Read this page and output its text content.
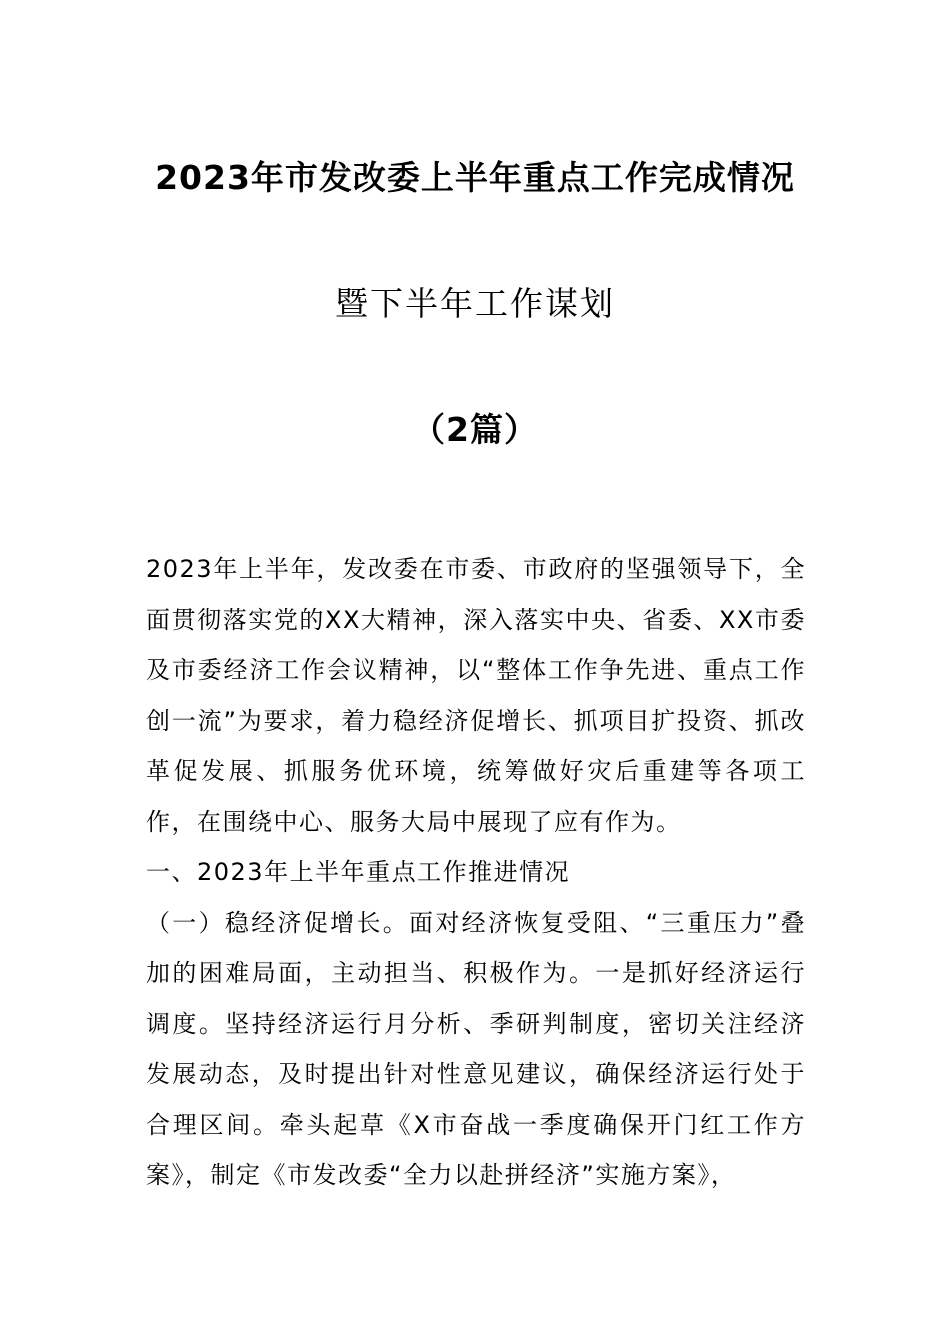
2023年市发改委上半年重点工作完成情况
暨下半年工作谋划
（2篇）

2023年上半年，发改委在市委、市政府的坚强领导下，全面贯彻落实党的XX大精神，深入落实中央、省委、XX市委及市委经济工作会议精神，以“整体工作争先进、重点工作创一流”为要求，着力稳经济促增长、抓项目扩投资、抓改革促发展、抓服务优环境，统筹做好灾后重建等各项工作，在围绕中心、服务大局中展现了应有作为。

一、2023年上半年重点工作推进情况

（一）稳经济促增长。面对经济恢复受阻、“三重压力”叠加的困难局面，主动担当、积极作为。一是抓好经济运行调度。坚持经济运行月分析、季研判制度，密切关注经济发展动态，及时提出针对性意见建议，确保经济运行处于合理区间。牵头起草《X市奋战一季度确保开门红工作方案》，制定《市发改委“全力以赴拼经济”实施方案》，
